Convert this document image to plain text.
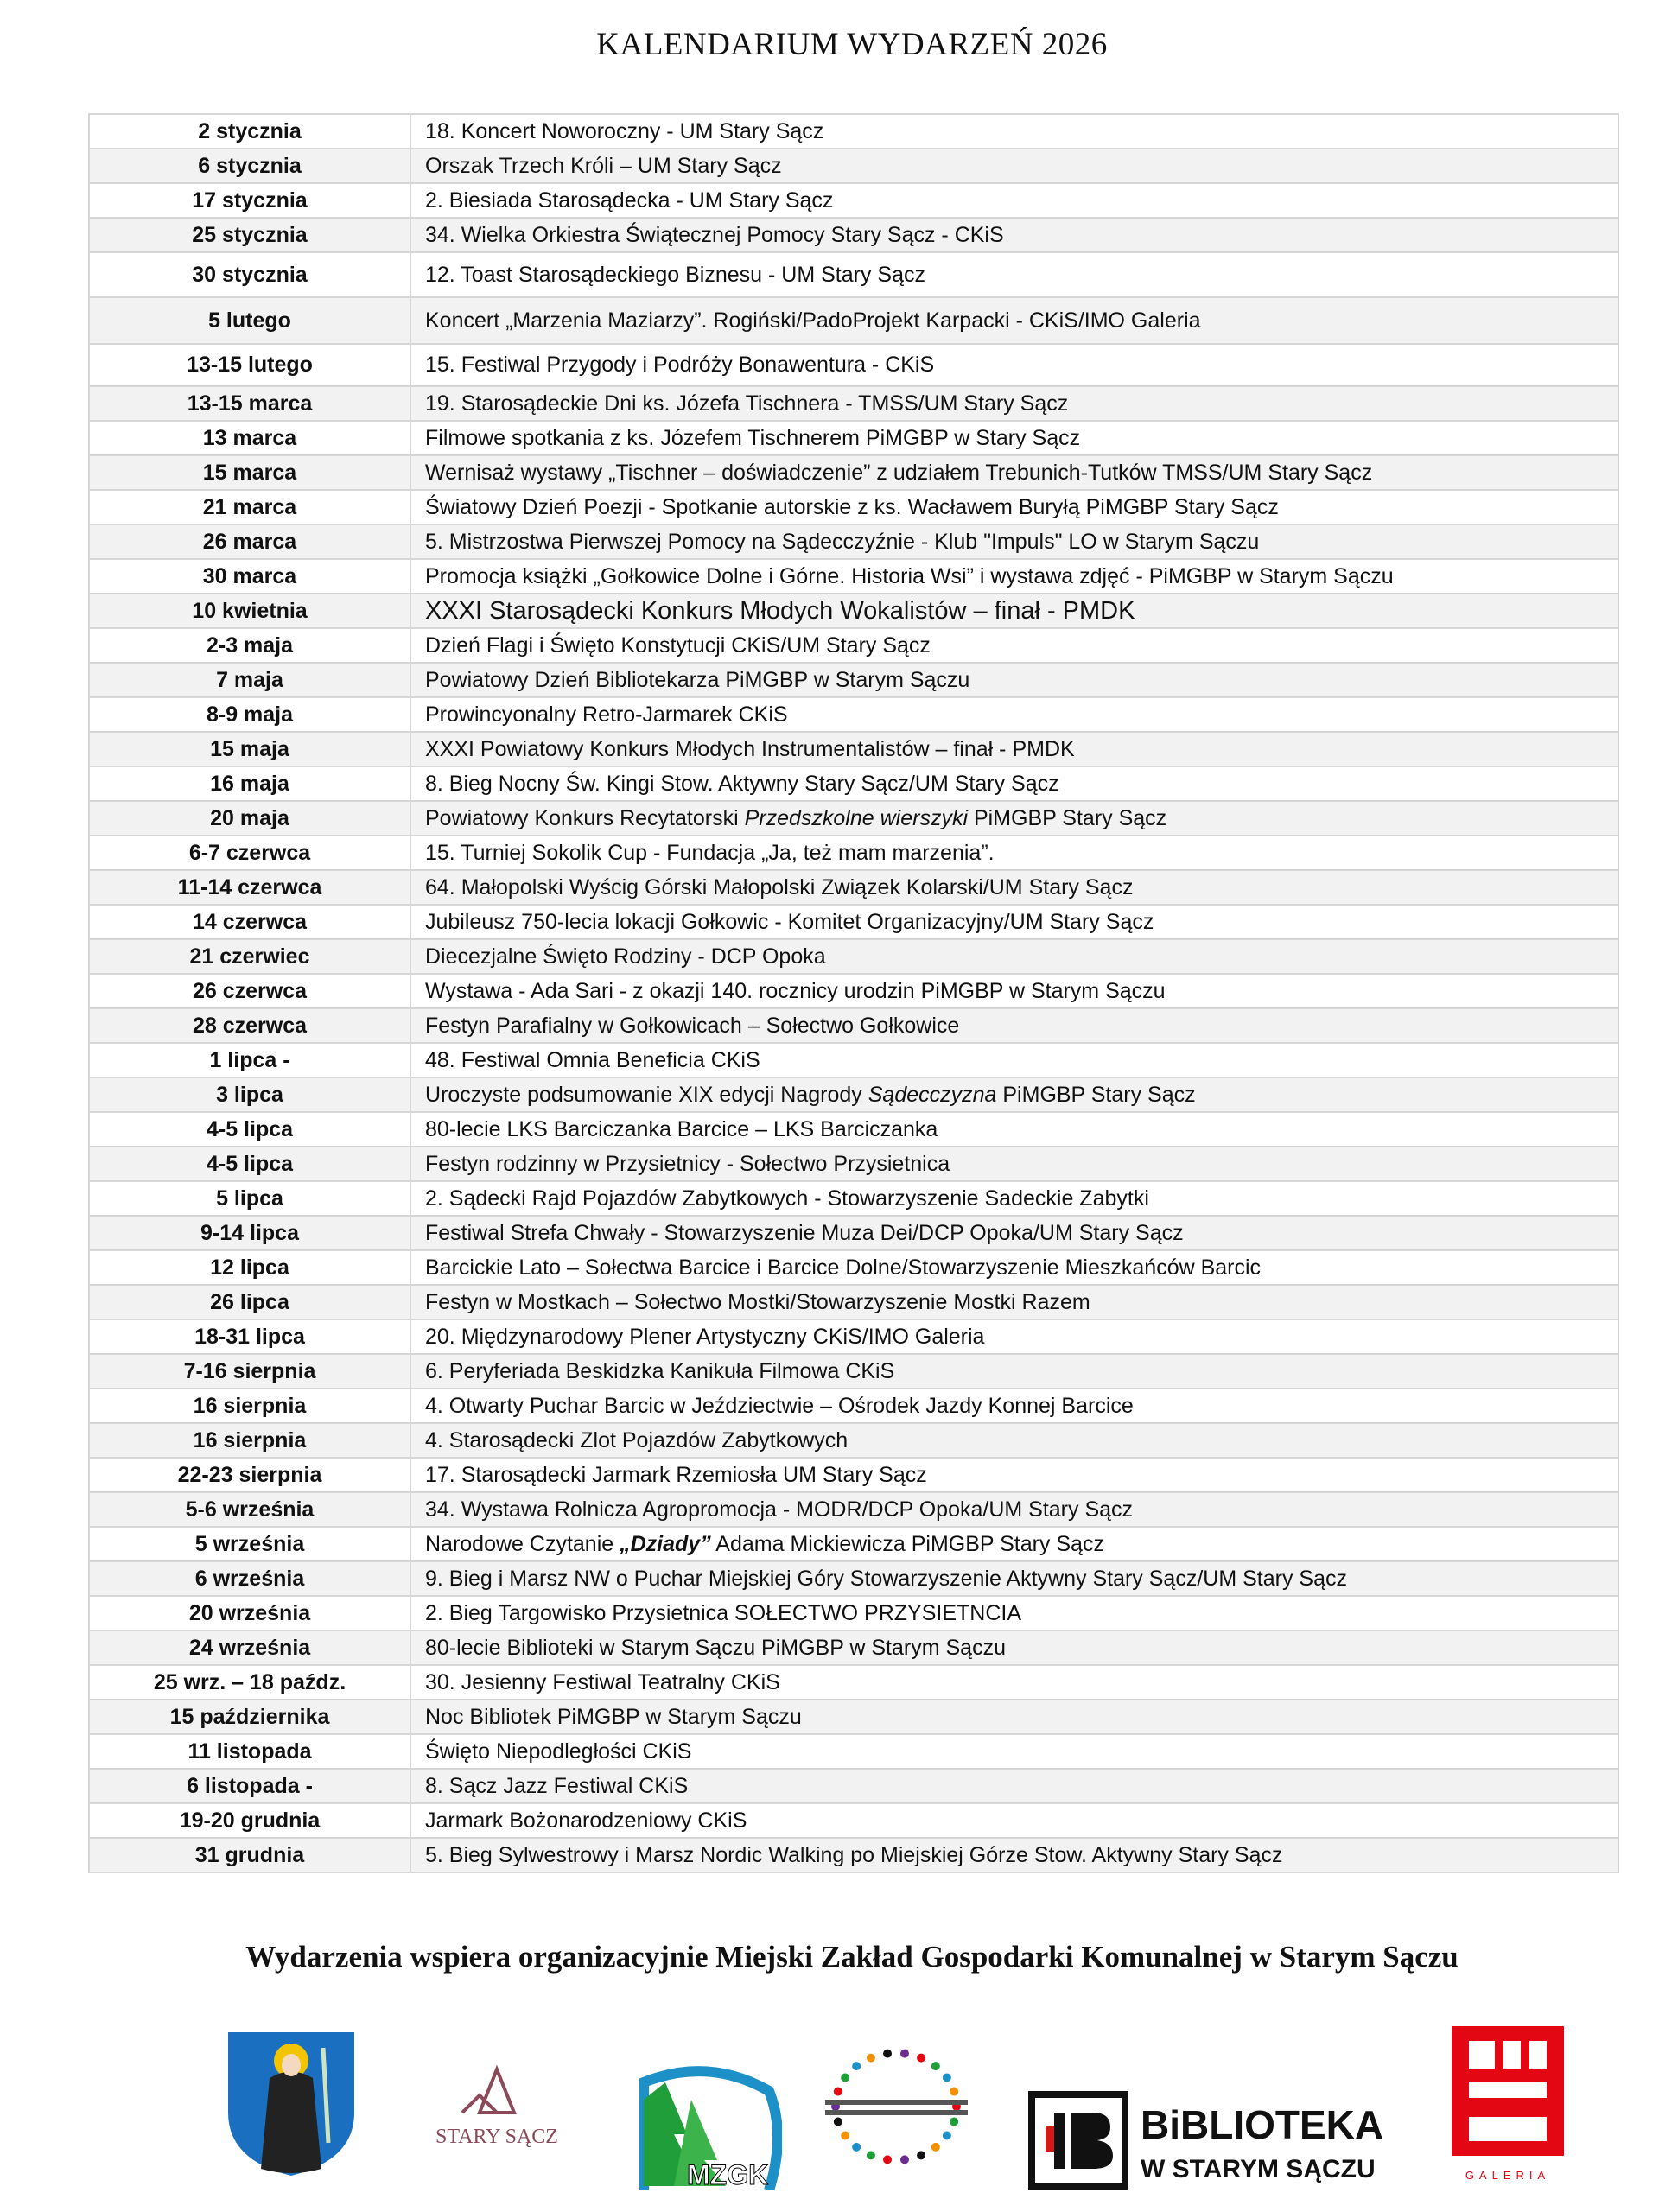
KALENDARIUM WYDARZEŃ 2026
2 stycznia	18. Koncert Noworoczny - UM Stary Sącz
6 stycznia	Orszak Trzech Króli – UM Stary Sącz
17 stycznia	2. Biesiada Starosądecka - UM Stary Sącz
25 stycznia	34. Wielka Orkiestra Świątecznej Pomocy Stary Sącz - CKiS
30 stycznia	12. Toast Starosądeckiego Biznesu - UM Stary Sącz
5 lutego	Koncert „Marzenia Maziarzy”. Rogiński/PadoProjekt Karpacki - CKiS/IMO Galeria
13-15 lutego	15. Festiwal Przygody i Podróży Bonawentura - CKiS
13-15 marca	19. Starosądeckie Dni ks. Józefa Tischnera - TMSS/UM Stary Sącz
13 marca	Filmowe spotkania z ks. Józefem Tischnerem PiMGBP w Stary Sącz
15 marca	Wernisaż wystawy „Tischner – doświadczenie” z udziałem Trebunich-Tutków TMSS/UM Stary Sącz
21 marca	Światowy Dzień Poezji - Spotkanie autorskie z ks. Wacławem Buryłą PiMGBP Stary Sącz
26 marca	5. Mistrzostwa Pierwszej Pomocy na Sądecczyźnie - Klub "Impuls" LO w Starym Sączu
30 marca	Promocja książki „Gołkowice Dolne i Górne. Historia Wsi” i wystawa zdjęć - PiMGBP w Starym Sączu
10 kwietnia	XXXI Starosądecki Konkurs Młodych Wokalistów – finał - PMDK
2-3 maja	Dzień Flagi i Święto Konstytucji CKiS/UM Stary Sącz
7 maja	Powiatowy Dzień Bibliotekarza PiMGBP w Starym Sączu
8-9 maja	Prowincyonalny Retro-Jarmarek CKiS
15 maja	XXXI Powiatowy Konkurs Młodych Instrumentalistów – finał - PMDK
16 maja	8. Bieg Nocny Św. Kingi Stow. Aktywny Stary Sącz/UM Stary Sącz
20 maja	Powiatowy Konkurs Recytatorski Przedszkolne wierszyki PiMGBP Stary Sącz
6-7 czerwca	15. Turniej Sokolik Cup - Fundacja „Ja, też mam marzenia”.
11-14 czerwca	64. Małopolski Wyścig Górski Małopolski Związek Kolarski/UM Stary Sącz
14 czerwca	Jubileusz 750-lecia lokacji Gołkowic - Komitet Organizacyjny/UM Stary Sącz
21 czerwiec	Diecezjalne Święto Rodziny - DCP Opoka
26 czerwca	Wystawa - Ada Sari - z okazji 140. rocznicy urodzin PiMGBP w Starym Sączu
28 czerwca	Festyn Parafialny w Gołkowicach – Sołectwo Gołkowice
1 lipca -	48. Festiwal Omnia Beneficia CKiS
3 lipca	Uroczyste podsumowanie XIX edycji Nagrody Sądecczyzna PiMGBP Stary Sącz
4-5 lipca	80-lecie LKS Barciczanka Barcice – LKS Barciczanka
4-5 lipca	Festyn rodzinny w Przysietnicy - Sołectwo Przysietnica
5 lipca	2. Sądecki Rajd Pojazdów Zabytkowych - Stowarzyszenie Sadeckie Zabytki
9-14 lipca	Festiwal Strefa Chwały - Stowarzyszenie Muza Dei/DCP Opoka/UM Stary Sącz
12 lipca	Barcickie Lato – Sołectwa Barcice i Barcice Dolne/Stowarzyszenie Mieszkańców Barcic
26 lipca	Festyn w Mostkach – Sołectwo Mostki/Stowarzyszenie Mostki Razem
18-31 lipca	20. Międzynarodowy Plener Artystyczny CKiS/IMO Galeria
7-16 sierpnia	6. Peryferiada Beskidzka Kanikuła Filmowa CKiS
16 sierpnia	4. Otwarty Puchar Barcic w Jeździectwie – Ośrodek Jazdy Konnej Barcice
16 sierpnia	4. Starosądecki Zlot Pojazdów Zabytkowych
22-23 sierpnia	17. Starosądecki Jarmark Rzemiosła UM Stary Sącz
5-6 września	34. Wystawa Rolnicza Agropromocja - MODR/DCP Opoka/UM Stary Sącz
5 września	Narodowe Czytanie „Dziady” Adama Mickiewicza PiMGBP Stary Sącz
6 września	9. Bieg i Marsz NW o Puchar Miejskiej Góry Stowarzyszenie Aktywny Stary Sącz/UM Stary Sącz
20 września	2. Bieg Targowisko Przysietnica SOŁECTWO PRZYSIETNCIA
24 września	80-lecie Biblioteki w Starym Sączu PiMGBP w Starym Sączu
25 wrz. – 18 paźdz.	30. Jesienny Festiwal Teatralny CKiS
15 października	Noc Bibliotek PiMGBP w Starym Sączu
11 listopada	Święto Niepodległości CKiS
6 listopada -	8. Sącz Jazz Festiwal CKiS
19-20 grudnia	Jarmark Bożonarodzeniowy CKiS
31 grudnia	5. Bieg Sylwestrowy i Marsz Nordic Walking po Miejskiej Górze Stow. Aktywny Stary Sącz
Wydarzenia wspiera organizacyjnie Miejski Zakład Gospodarki Komunalnej w Starym Sączu
STARY SĄCZ
MZGK
BiBLIOTEKA
W STARYM SĄCZU	GALERIA
